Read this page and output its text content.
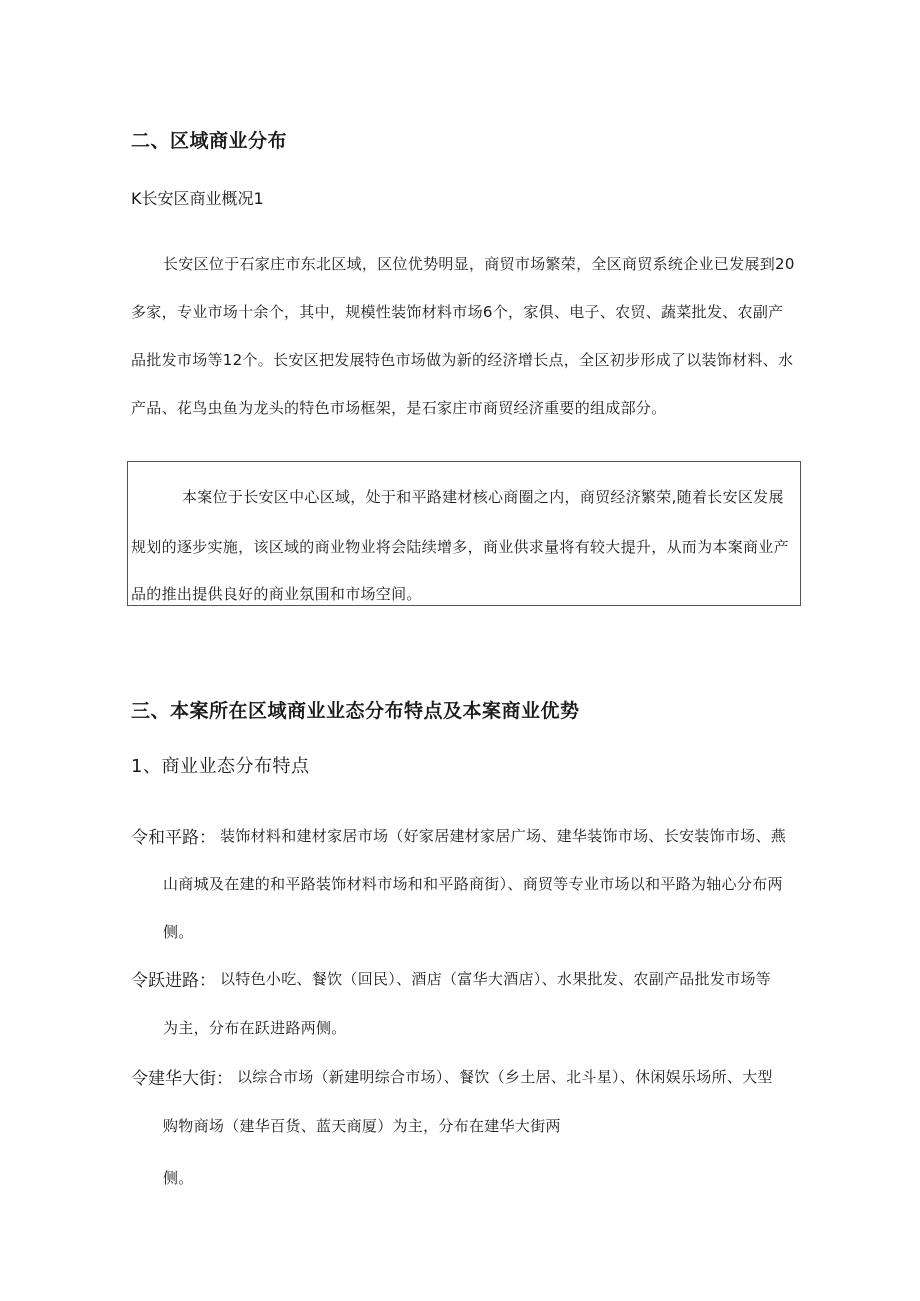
二、区域商业分布

K长安区商业概况1

长安区位于石家庄市东北区域，区位优势明显，商贸市场繁荣，全区商贸系统企业已发展到20

多家，专业市场十余个，其中，规模性装饰材料市场6个，家俱、电子、农贸、蔬菜批发、农副产

品批发市场等12个。长安区把发展特色市场做为新的经济增长点，全区初步形成了以装饰材料、水

产品、花鸟虫鱼为龙头的特色市场框架，是石家庄市商贸经济重要的组成部分。

本案位于长安区中心区域，处于和平路建材核心商圈之内，商贸经济繁荣,随着长安区发展

规划的逐步实施，该区域的商业物业将会陆续增多，商业供求量将有较大提升，从而为本案商业产

品的推出提供良好的商业氛围和市场空间。

三、本案所在区域商业业态分布特点及本案商业优势

1、商业业态分布特点

令和平路： 装饰材料和建材家居市场（好家居建材家居广场、建华装饰市场、长安装饰市场、燕

山商城及在建的和平路装饰材料市场和和平路商街）、商贸等专业市场以和平路为轴心分布两

侧。

令跃进路： 以特色小吃、餐饮（回民）、酒店（富华大酒店）、水果批发、农副产品批发市场等

为主，分布在跃进路两侧。

令建华大街： 以综合市场（新建明综合市场）、餐饮（乡土居、北斗星）、休闲娱乐场所、大型

购物商场（建华百货、蓝天商厦）为主，分布在建华大街两

侧。
